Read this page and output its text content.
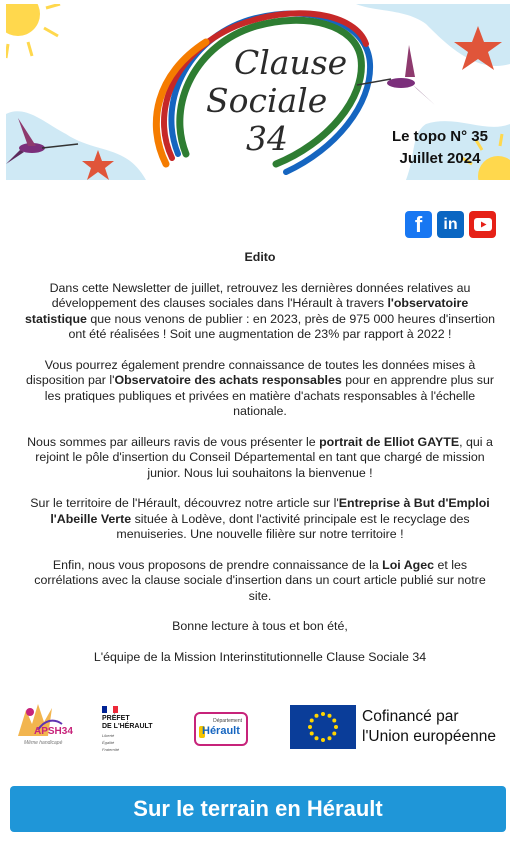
Clause
Sociale
34	Le topo N° 35
Juillet 2024
f in
Edito

Dans cette Newsletter de juillet, retrouvez les dernières données relatives au développement des clauses sociales dans l'Hérault à travers l'observatoire statistique que nous venons de publier : en 2023, près de 975 000 heures d'insertion ont été réalisées ! Soit une augmentation de 23% par rapport à 2022 !

Vous pourrez également prendre connaissance de toutes les données mises à disposition par l'Observatoire des achats responsables pour en apprendre plus sur les pratiques publiques et privées en matière d'achats responsables à l'échelle nationale.

Nous sommes par ailleurs ravis de vous présenter le portrait de Elliot GAYTE, qui a rejoint le pôle d'insertion du Conseil Départemental en tant que chargé de mission junior. Nous lui souhaitons la bienvenue !

Sur le territoire de l'Hérault, découvrez notre article sur l'Entreprise à But d'Emploi l'Abeille Verte située à Lodève, dont l'activité principale est le recyclage des menuiseries. Une nouvelle filière sur notre territoire !

Enfin, nous vous proposons de prendre connaissance de la Loi Agec et les corrélations avec la clause sociale d'insertion dans un court article publié sur notre site.

Bonne lecture à tous et bon été,

L'équipe de la Mission Interinstitutionnelle Clause Sociale 34

APSH34
Même handicapé
PRÉFET
DE L'HÉRAULT
Liberté
Égalité
Fraternité
Département
Hérault
Cofinancé par
l'Union européenne
Sur le terrain en Hérault
